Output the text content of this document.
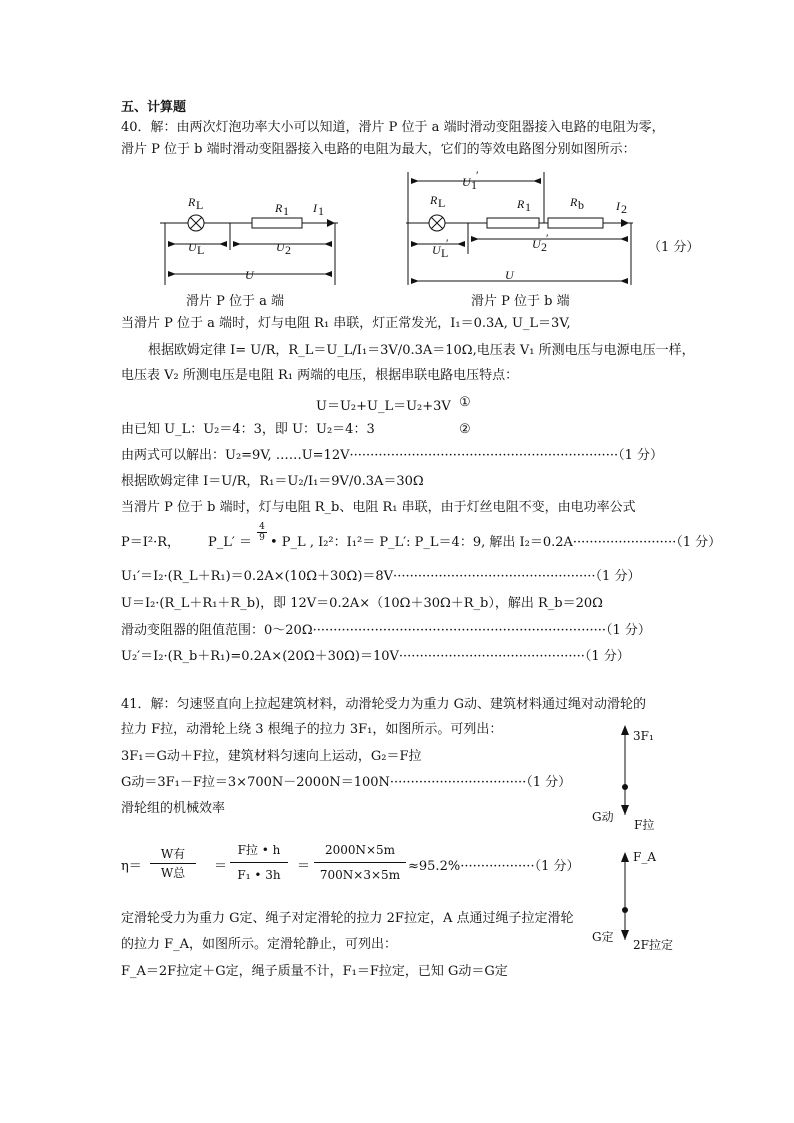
五、计算题
40．解：由两次灯泡功率大小可以知道，滑片 P 位于 a 端时滑动变阻器接入电路的电阻为零，
滑片 P 位于 b 端时滑动变阻器接入电路的电阻为最大，它们的等效电路图分别如图所示：
R L	R 1 I 1
U L	U 2
U
U 1
′
R L	R 1	R b	I 2
U L
′	U 2
′
U
（1 分）
滑片 P 位于 a 端	滑片 P 位于 b 端
当滑片 P 位于 a 端时，灯与电阻 R₁ 串联，灯正常发光，I₁＝0.3A, U_L＝3V,
根据欧姆定律 I= U/R，R_L＝U_L/I₁＝3V/0.3A＝10Ω,电压表 V₁ 所测电压与电源电压一样，
电压表 V₂ 所测电压是电阻 R₁ 两端的电压，根据串联电路电压特点：
U＝U₂+U_L＝U₂+3V ①
由已知 U_L：U₂＝4：3，即 U：U₂＝4：3	②
由两式可以解出：U₂=9V, ……U=12V·································································（1 分）
根据欧姆定律 I＝U/R，R₁＝U₂/I₁＝9V/0.3A＝30Ω
当滑片 P 位于 b 端时，灯与电阻 R_b、电阻 R₁ 串联，由于灯丝电阻不变，由电功率公式
P＝I²·R， P_L′ ＝ $\frac{4}{9}$ • P_L , I₂²：I₁²＝ P_L′: P_L＝4：9, 解出 I₂＝0.2A·························（1 分）
U₁′＝I₂·(R_L＋R₁)＝0.2A×(10Ω＋30Ω)＝8V·················································（1 分）
U＝I₂·(R_L＋R₁＋R_b)，即 12V＝0.2A×（10Ω＋30Ω＋R_b），解出 R_b＝20Ω
滑动变阻器的阻值范围：0～20Ω·······································································（1 分）
U₂′＝I₂·(R_b＋R₁)=0.2A×(20Ω＋30Ω)＝10V·············································（1 分）
41．解：匀速竖直向上拉起建筑材料，动滑轮受力为重力 G动、建筑材料通过绳对动滑轮的
拉力 F拉，动滑轮上绕 3 根绳子的拉力 3F₁，如图所示。可列出：
3F₁＝G动＋F拉，建筑材料匀速向上运动，G₂＝F拉
G动＝3F₁－F拉＝3×700N－2000N＝100N·································（1 分）
滑轮组的机械效率
η＝
W有
W总	＝
F拉 • h
F₁ • 3h
＝ $\frac{2000N\times 5m}{700N\times 3\times 5m} \approx 95.2\%\cdot\cdot\cdot\cdot\cdot\cdot\cdot\cdot\cdot\cdot\cdot\cdot\cdot\cdot\cdot\cdot\cdot\cdot(1$ 分）
定滑轮受力为重力 G定、绳子对定滑轮的拉力 2F拉定，A 点通过绳子拉定滑轮
的拉力 F_A，如图所示。定滑轮静止，可列出：
F_A＝2F拉定＋G定，绳子质量不计，F₁＝F拉定，已知 G动＝G定
3F₁
G动
F拉
F_A
G定
2F拉定
